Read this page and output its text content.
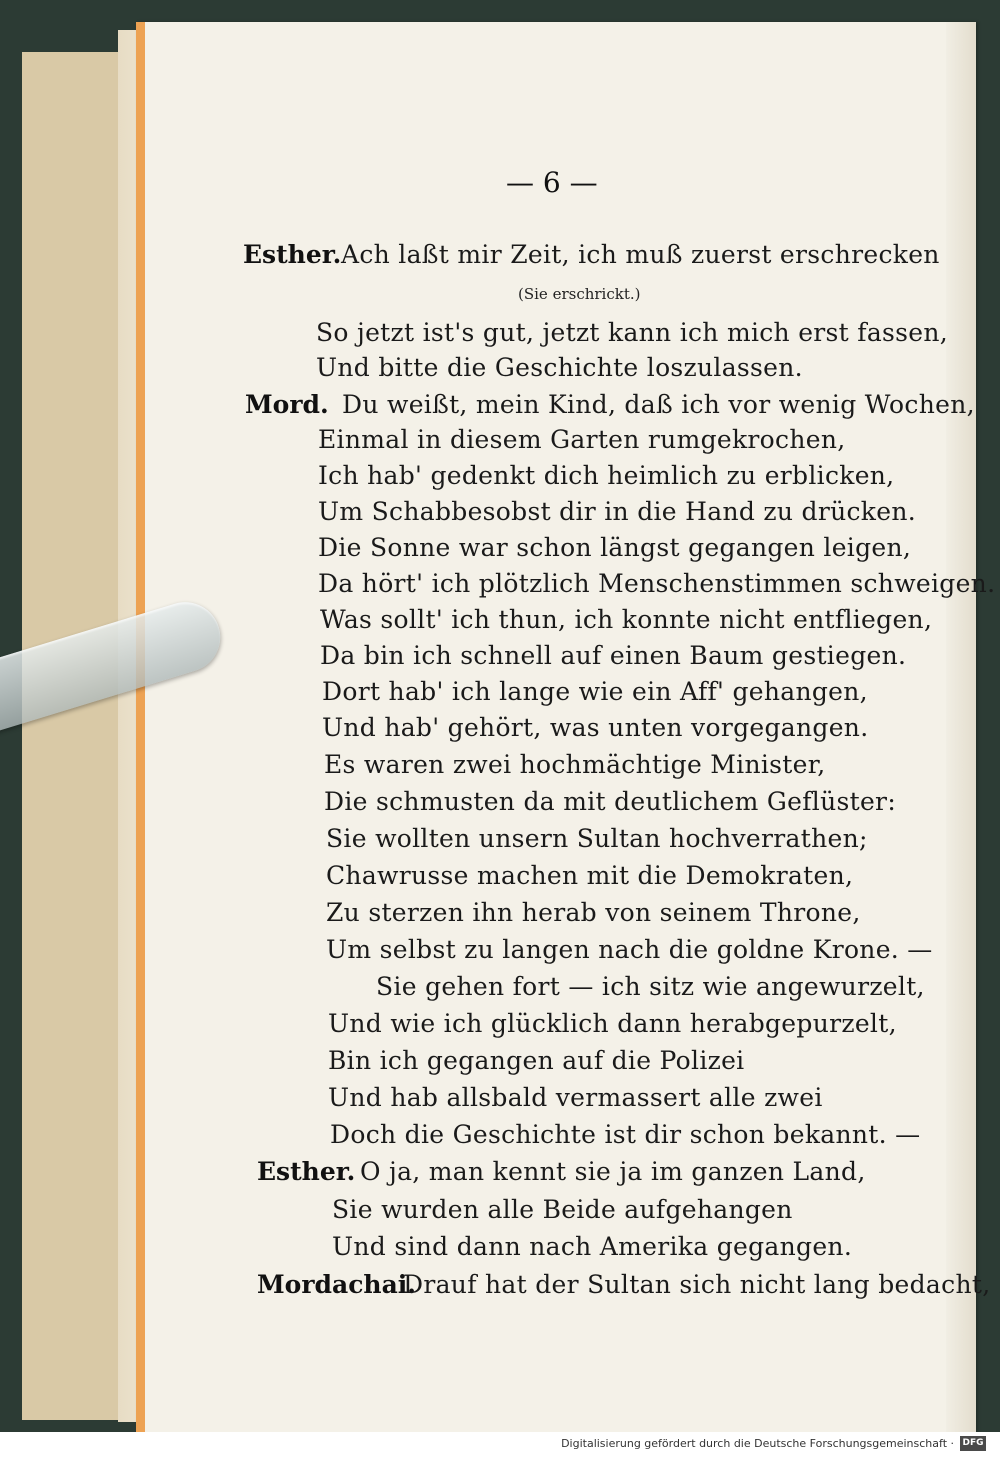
— 6 —
Esther. Ach laßt mir Zeit, ich muß zuerst erschrecken
(Sie erschrickt.)
So jetzt ist's gut, jetzt kann ich mich erst fassen,
Und bitte die Geschichte loszulassen.
Mord. Du weißt, mein Kind, daß ich vor wenig Wochen,
Einmal in diesem Garten rumgekrochen,
Ich hab' gedenkt dich heimlich zu erblicken,
Um Schabbesobst dir in die Hand zu drücken.
Die Sonne war schon längst gegangen leigen,
Da hört' ich plötzlich Menschenstimmen schweigen.
Was sollt' ich thun, ich konnte nicht entfliegen,
Da bin ich schnell auf einen Baum gestiegen.
Dort hab' ich lange wie ein Aff' gehangen,
Und hab' gehört, was unten vorgegangen.
Es waren zwei hochmächtige Minister,
Die schmusten da mit deutlichem Geflüster:
Sie wollten unsern Sultan hochverrathen;
Chawrusse machen mit die Demokraten,
Zu sterzen ihn herab von seinem Throne,
Um selbst zu langen nach die goldne Krone. —
Sie gehen fort — ich sitz wie angewurzelt,
Und wie ich glücklich dann herabgepurzelt,
Bin ich gegangen auf die Polizei
Und hab allsbald vermassert alle zwei
Doch die Geschichte ist dir schon bekannt. —
Esther. O ja, man kennt sie ja im ganzen Land,
Sie wurden alle Beide aufgehangen
Und sind dann nach Amerika gegangen.
Mordachai.
Drauf hat der Sultan sich nicht lang bedacht,
Digitalisierung gefördert durch die Deutsche Forschungsgemeinschaft · DFG
